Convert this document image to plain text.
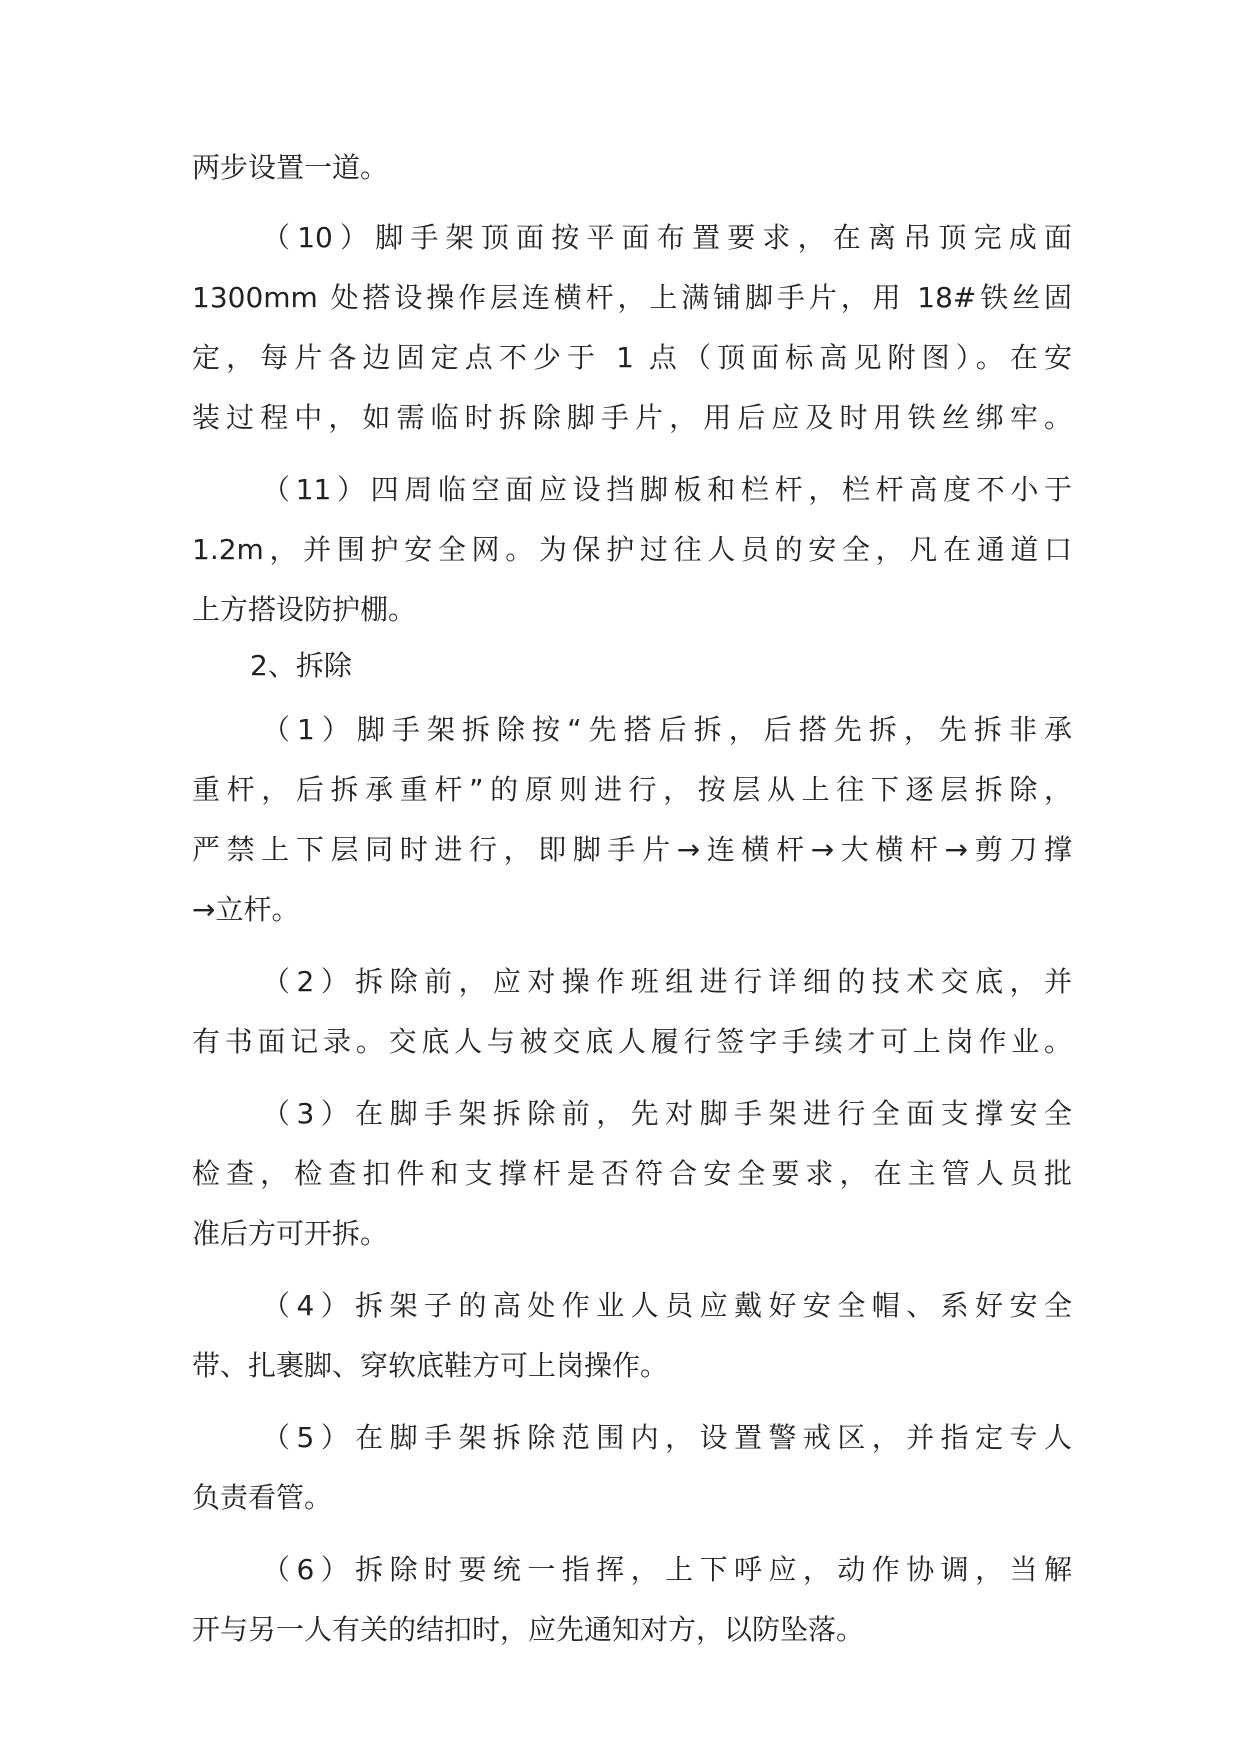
两步设置一道。

（10）脚手架顶面按平面布置要求，在离吊顶完成面

1300mm 处搭设操作层连横杆，上满铺脚手片，用 18#铁丝固

定，每片各边固定点不少于 1 点（顶面标高见附图）。在安

装过程中，如需临时拆除脚手片，用后应及时用铁丝绑牢。

（11）四周临空面应设挡脚板和栏杆，栏杆高度不小于

1.2m，并围护安全网。为保护过往人员的安全，凡在通道口

上方搭设防护棚。

2、拆除

（1）脚手架拆除按“先搭后拆，后搭先拆，先拆非承

重杆，后拆承重杆”的原则进行，按层从上往下逐层拆除，

严禁上下层同时进行，即脚手片→连横杆→大横杆→剪刀撑

→立杆。

（2）拆除前，应对操作班组进行详细的技术交底，并

有书面记录。交底人与被交底人履行签字手续才可上岗作业。

（3）在脚手架拆除前，先对脚手架进行全面支撑安全

检查，检查扣件和支撑杆是否符合安全要求，在主管人员批

准后方可开拆。

（4）拆架子的高处作业人员应戴好安全帽、系好安全

带、扎裹脚、穿软底鞋方可上岗操作。

（5）在脚手架拆除范围内，设置警戒区，并指定专人

负责看管。

（6）拆除时要统一指挥，上下呼应，动作协调，当解

开与另一人有关的结扣时，应先通知对方，以防坠落。
